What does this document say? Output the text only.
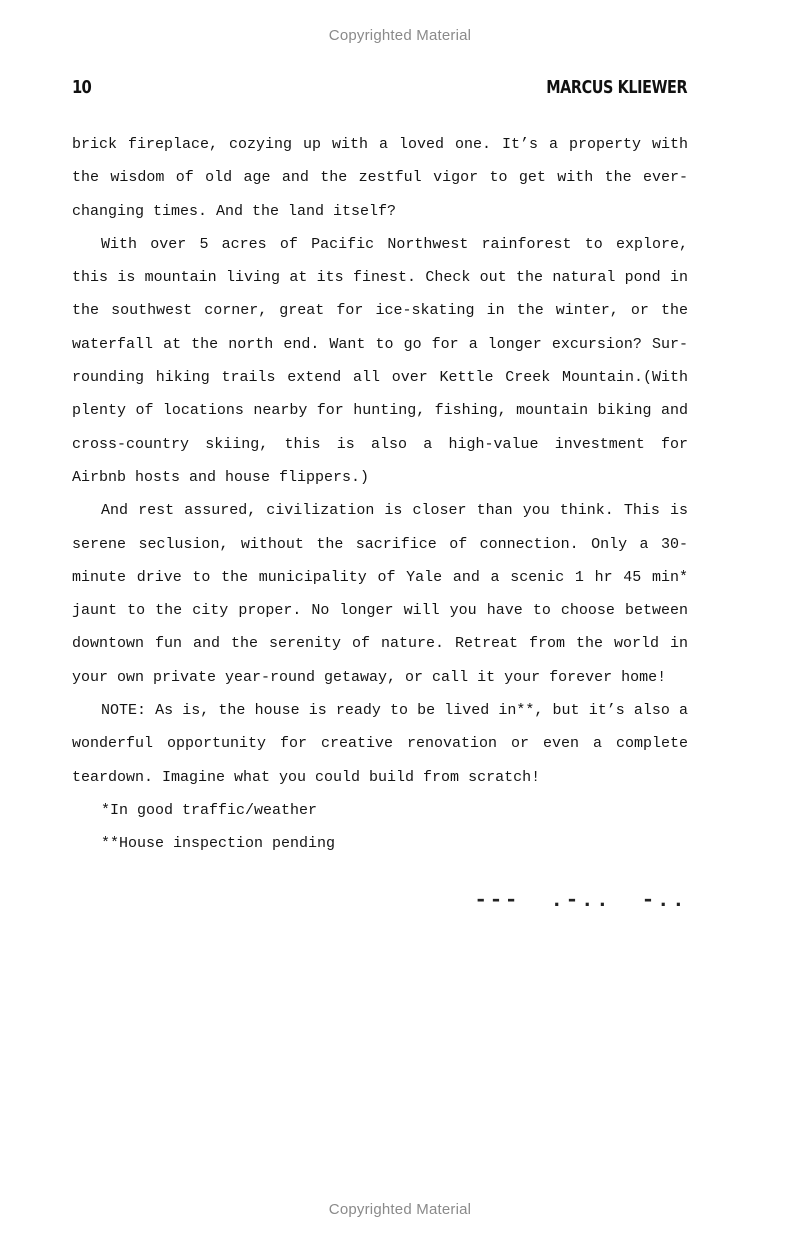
Copyrighted Material
10	MARCUS KLIEWER

brick fireplace, cozying up with a loved one. It’s a property with the wisdom of old age and the zestful vigor to get with the ever-changing times. And the land itself?

With over 5 acres of Pacific Northwest rainforest to explore, this is mountain living at its finest. Check out the natural pond in the southwest corner, great for ice-skating in the winter, or the waterfall at the north end. Want to go for a longer excursion? Surrounding hiking trails extend all over Kettle Creek Mountain.(With plenty of locations nearby for hunting, fishing, mountain biking and cross-country skiing, this is also a high-value investment for Airbnb hosts and house flippers.)

And rest assured, civilization is closer than you think. This is serene seclusion, without the sacrifice of connection. Only a 30-minute drive to the municipality of Yale and a scenic 1 hr 45 min* jaunt to the city proper. No longer will you have to choose between downtown fun and the serenity of nature. Retreat from the world in your own private year-round getaway, or call it your forever home!

NOTE: As is, the house is ready to be lived in**, but it’s also a wonderful opportunity for creative renovation or even a complete teardown. Imagine what you could build from scratch!

*In good traffic/weather

**House inspection pending

---  .-..  -..
Copyrighted Material
